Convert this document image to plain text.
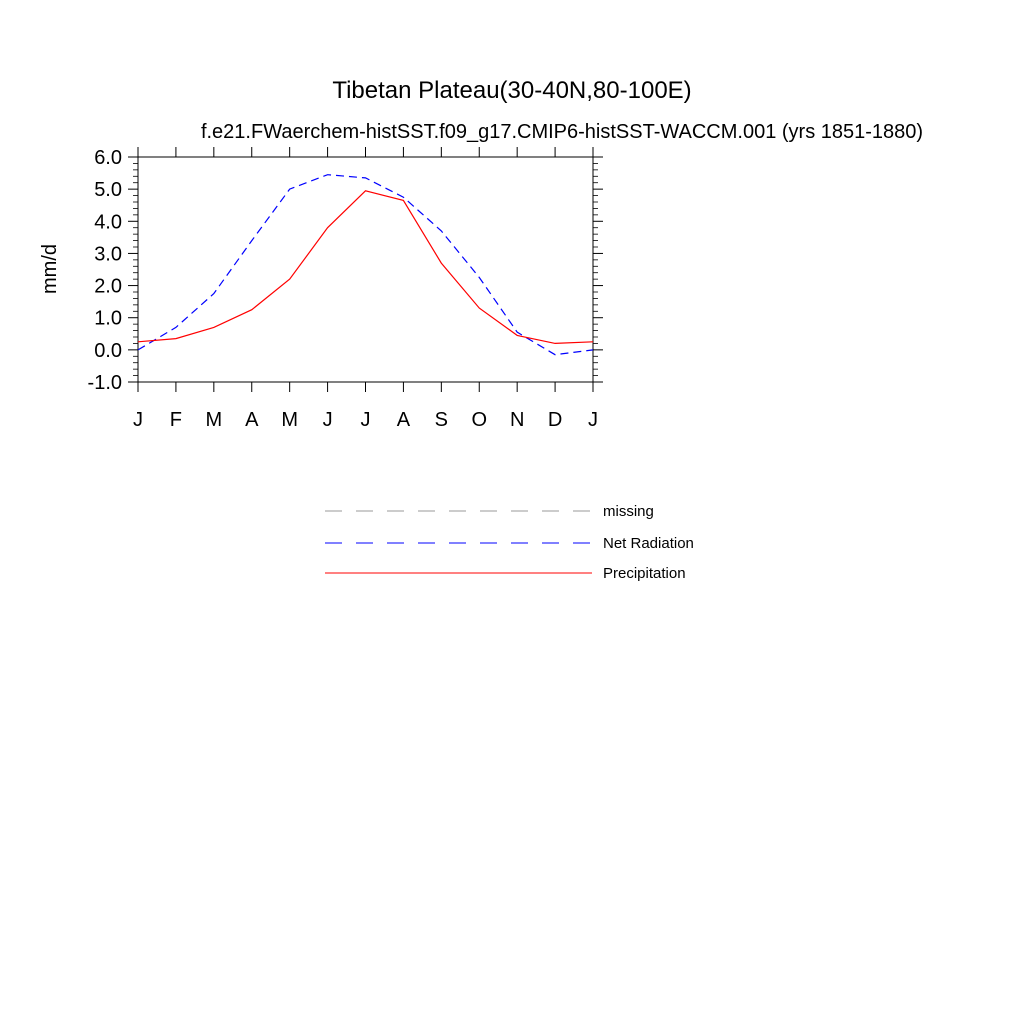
Tibetan Plateau(30-40N,80-100E)
f.e21.FWaerchem-histSST.f09_g17.CMIP6-histSST-WACCM.001 (yrs 1851-1880)
mm/d
-1.0
0.0
1.0
2.0
3.0
4.0
5.0
6.0
J F M A M J J A S O N D J
missing
Net Radiation
Precipitation
